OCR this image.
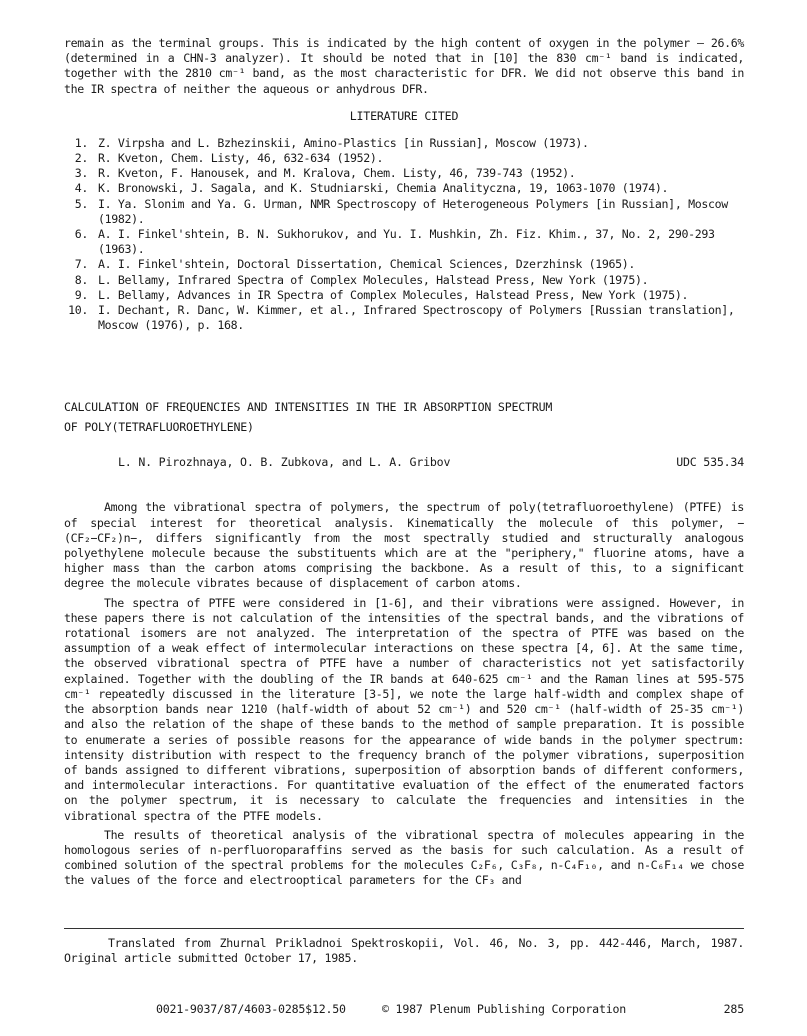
remain as the terminal groups. This is indicated by the high content of oxygen in the polymer — 26.6% (determined in a CHN-3 analyzer). It should be noted that in [10] the 830 cm⁻¹ band is indicated, together with the 2810 cm⁻¹ band, as the most characteristic for DFR. We did not observe this band in the IR spectra of neither the aqueous or anhydrous DFR.

LITERATURE CITED
1. Z. Virpsha and L. Bzhezinskii, Amino-Plastics [in Russian], Moscow (1973).
2. R. Kveton, Chem. Listy, 46, 632-634 (1952).
3. R. Kveton, F. Hanousek, and M. Kralova, Chem. Listy, 46, 739-743 (1952).
4. K. Bronowski, J. Sagala, and K. Studniarski, Chemia Analityczna, 19, 1063-1070 (1974).
5. I. Ya. Slonim and Ya. G. Urman, NMR Spectroscopy of Heterogeneous Polymers [in Russian], Moscow (1982).
6. A. I. Finkel'shtein, B. N. Sukhorukov, and Yu. I. Mushkin, Zh. Fiz. Khim., 37, No. 2, 290-293 (1963).
7. A. I. Finkel'shtein, Doctoral Dissertation, Chemical Sciences, Dzerzhinsk (1965).
8. L. Bellamy, Infrared Spectra of Complex Molecules, Halstead Press, New York (1975).
9. L. Bellamy, Advances in IR Spectra of Complex Molecules, Halstead Press, New York (1975).
10. I. Dechant, R. Danc, W. Kimmer, et al., Infrared Spectroscopy of Polymers [Russian translation], Moscow (1976), p. 168.

CALCULATION OF FREQUENCIES AND INTENSITIES IN THE IR ABSORPTION SPECTRUM

OF POLY(TETRAFLUOROETHYLENE)

L. N. Pirozhnaya, O. B. Zubkova, and L. A. Gribov	UDC 535.34

Among the vibrational spectra of polymers, the spectrum of poly(tetrafluoroethylene) (PTFE) is of special interest for theoretical analysis. Kinematically the molecule of this polymer, −(CF₂−CF₂)n−, differs significantly from the most spectrally studied and structurally analogous polyethylene molecule because the substituents which are at the "periphery," fluorine atoms, have a higher mass than the carbon atoms comprising the backbone. As a result of this, to a significant degree the molecule vibrates because of displacement of carbon atoms.

The spectra of PTFE were considered in [1-6], and their vibrations were assigned. However, in these papers there is not calculation of the intensities of the spectral bands, and the vibrations of rotational isomers are not analyzed. The interpretation of the spectra of PTFE was based on the assumption of a weak effect of intermolecular interactions on these spectra [4, 6]. At the same time, the observed vibrational spectra of PTFE have a number of characteristics not yet satisfactorily explained. Together with the doubling of the IR bands at 640-625 cm⁻¹ and the Raman lines at 595-575 cm⁻¹ repeatedly discussed in the literature [3-5], we note the large half-width and complex shape of the absorption bands near 1210 (half-width of about 52 cm⁻¹) and 520 cm⁻¹ (half-width of 25-35 cm⁻¹) and also the relation of the shape of these bands to the method of sample preparation. It is possible to enumerate a series of possible reasons for the appearance of wide bands in the polymer spectrum: intensity distribution with respect to the frequency branch of the polymer vibrations, superposition of bands assigned to different vibrations, superposition of absorption bands of different conformers, and intermolecular interactions. For quantitative evaluation of the effect of the enumerated factors on the polymer spectrum, it is necessary to calculate the frequencies and intensities in the vibrational spectra of the PTFE models.

The results of theoretical analysis of the vibrational spectra of molecules appearing in the homologous series of n-perfluoroparaffins served as the basis for such calculation. As a result of combined solution of the spectral problems for the molecules C₂F₆, C₃F₈, n-C₄F₁₀, and n-C₆F₁₄ we chose the values of the force and electrooptical parameters for the CF₃ and

Translated from Zhurnal Prikladnoi Spektroskopii, Vol. 46, No. 3, pp. 442-446, March, 1987. Original article submitted October 17, 1985.

0021-9037/87/4603-0285$12.50	© 1987 Plenum Publishing Corporation	285
